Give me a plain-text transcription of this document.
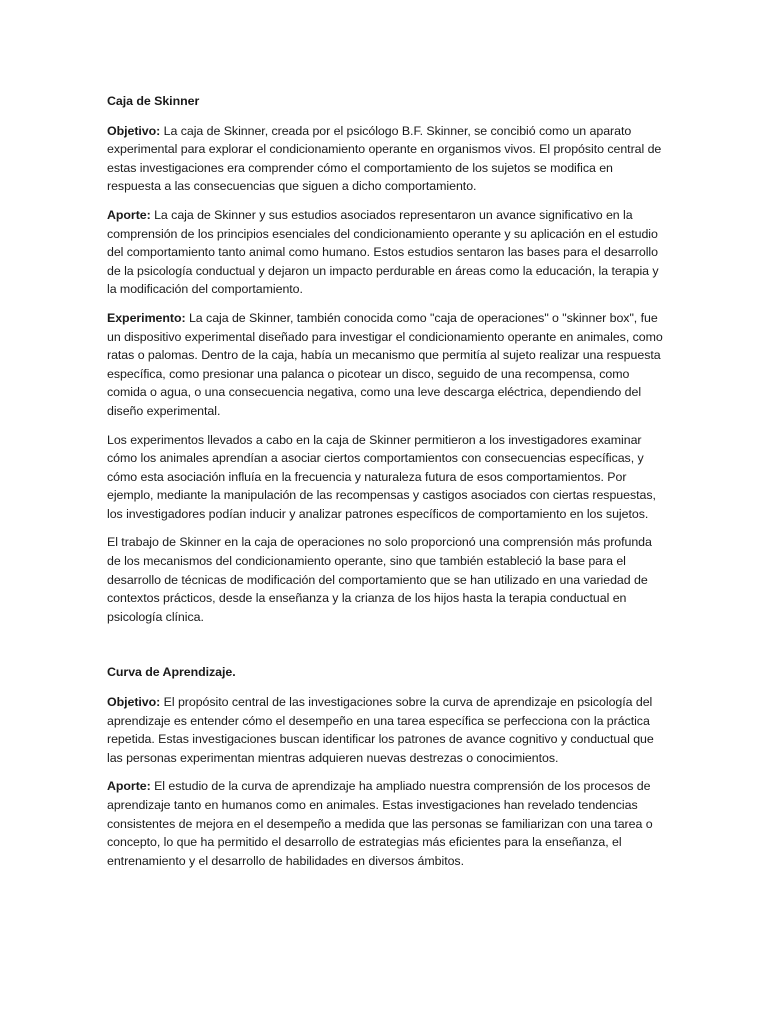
Caja de Skinner

Objetivo: La caja de Skinner, creada por el psicólogo B.F. Skinner, se concibió como un aparato experimental para explorar el condicionamiento operante en organismos vivos. El propósito central de estas investigaciones era comprender cómo el comportamiento de los sujetos se modifica en respuesta a las consecuencias que siguen a dicho comportamiento.

Aporte: La caja de Skinner y sus estudios asociados representaron un avance significativo en la comprensión de los principios esenciales del condicionamiento operante y su aplicación en el estudio del comportamiento tanto animal como humano. Estos estudios sentaron las bases para el desarrollo de la psicología conductual y dejaron un impacto perdurable en áreas como la educación, la terapia y la modificación del comportamiento.

Experimento: La caja de Skinner, también conocida como "caja de operaciones" o "skinner box", fue un dispositivo experimental diseñado para investigar el condicionamiento operante en animales, como ratas o palomas. Dentro de la caja, había un mecanismo que permitía al sujeto realizar una respuesta específica, como presionar una palanca o picotear un disco, seguido de una recompensa, como comida o agua, o una consecuencia negativa, como una leve descarga eléctrica, dependiendo del diseño experimental.

Los experimentos llevados a cabo en la caja de Skinner permitieron a los investigadores examinar cómo los animales aprendían a asociar ciertos comportamientos con consecuencias específicas, y cómo esta asociación influía en la frecuencia y naturaleza futura de esos comportamientos. Por ejemplo, mediante la manipulación de las recompensas y castigos asociados con ciertas respuestas, los investigadores podían inducir y analizar patrones específicos de comportamiento en los sujetos.

El trabajo de Skinner en la caja de operaciones no solo proporcionó una comprensión más profunda de los mecanismos del condicionamiento operante, sino que también estableció la base para el desarrollo de técnicas de modificación del comportamiento que se han utilizado en una variedad de contextos prácticos, desde la enseñanza y la crianza de los hijos hasta la terapia conductual en psicología clínica.

Curva de Aprendizaje.

Objetivo: El propósito central de las investigaciones sobre la curva de aprendizaje en psicología del aprendizaje es entender cómo el desempeño en una tarea específica se perfecciona con la práctica repetida. Estas investigaciones buscan identificar los patrones de avance cognitivo y conductual que las personas experimentan mientras adquieren nuevas destrezas o conocimientos.

Aporte: El estudio de la curva de aprendizaje ha ampliado nuestra comprensión de los procesos de aprendizaje tanto en humanos como en animales. Estas investigaciones han revelado tendencias consistentes de mejora en el desempeño a medida que las personas se familiarizan con una tarea o concepto, lo que ha permitido el desarrollo de estrategias más eficientes para la enseñanza, el entrenamiento y el desarrollo de habilidades en diversos ámbitos.
